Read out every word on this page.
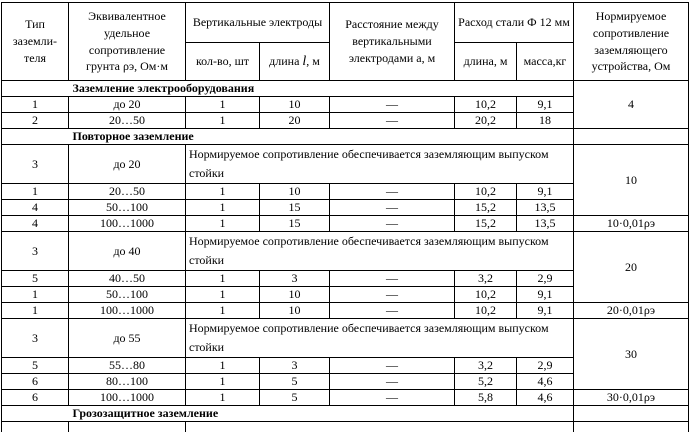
Тип заземли-теля	Эквивалентное удельное сопротивление грунта ρэ, Ом·м	Вертикальные электроды		Расстояние между вертикальными электродами а, м	Расход стали Ф 12 мм		Нормируемое сопротивление заземляющего устройства, Ом
		кол-во, шт	длина l, м		длина, м	масса,кг	
	Заземление электрооборудования						4
1	до 20	1	10	—	10,2	9,1	
2	20…50	1	20	—	20,2	18	
	Повторное заземление						
3	до 20	Нормируемое сопротивление обеспечивается заземляющим выпуском стойки					10
1	20…50	1	10	—	10,2	9,1	
4	50…100	1	15	—	15,2	13,5	
4	100…1000	1	15	—	15,2	13,5	10·0,01ρэ
3	до 40	Нормируемое сопротивление обеспечивается заземляющим выпуском стойки					20
5	40…50	1	3	—	3,2	2,9	
1	50…100	1	10	—	10,2	9,1	
1	100…1000	1	10	—	10,2	9,1	20·0,01ρэ
3	до 55	Нормируемое сопротивление обеспечивается заземляющим выпуском стойки					30
5	55…80	1	3	—	3,2	2,9	
6	80…100	1	5	—	5,2	4,6	
6	100…1000	1	5	—	5,8	4,6	30·0,01ρэ
	Грозозащитное заземление						
